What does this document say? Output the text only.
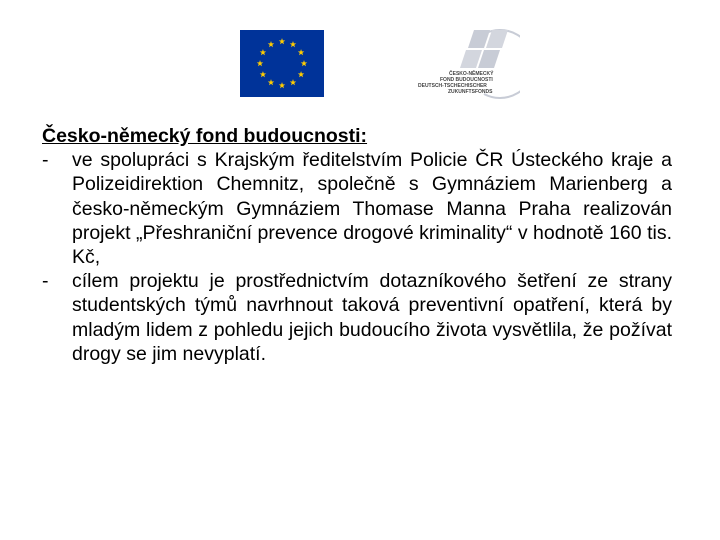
ČESKO-NĚMECKÝ
FOND BUDOUCNOSTI
DEUTSCH-TSCHECHISCHER
ZUKUNFTSFONDS

Česko-německý fond budoucnosti:

- ve spolupráci s Krajským ředitelstvím Policie ČR Ústeckého kraje a Polizeidirektion Chemnitz, společně s Gymnáziem Marienberg a česko-německým Gymnáziem Thomase Manna Praha realizován projekt „Přeshraniční prevence drogové kriminality“ v hodnotě 160 tis. Kč,
- cílem projektu je prostřednictvím dotazníkového šetření ze strany studentských týmů navrhnout taková preventivní opatření, která by mladým lidem z pohledu jejich budoucího života vysvětlila, že požívat drogy se jim nevyplatí.
